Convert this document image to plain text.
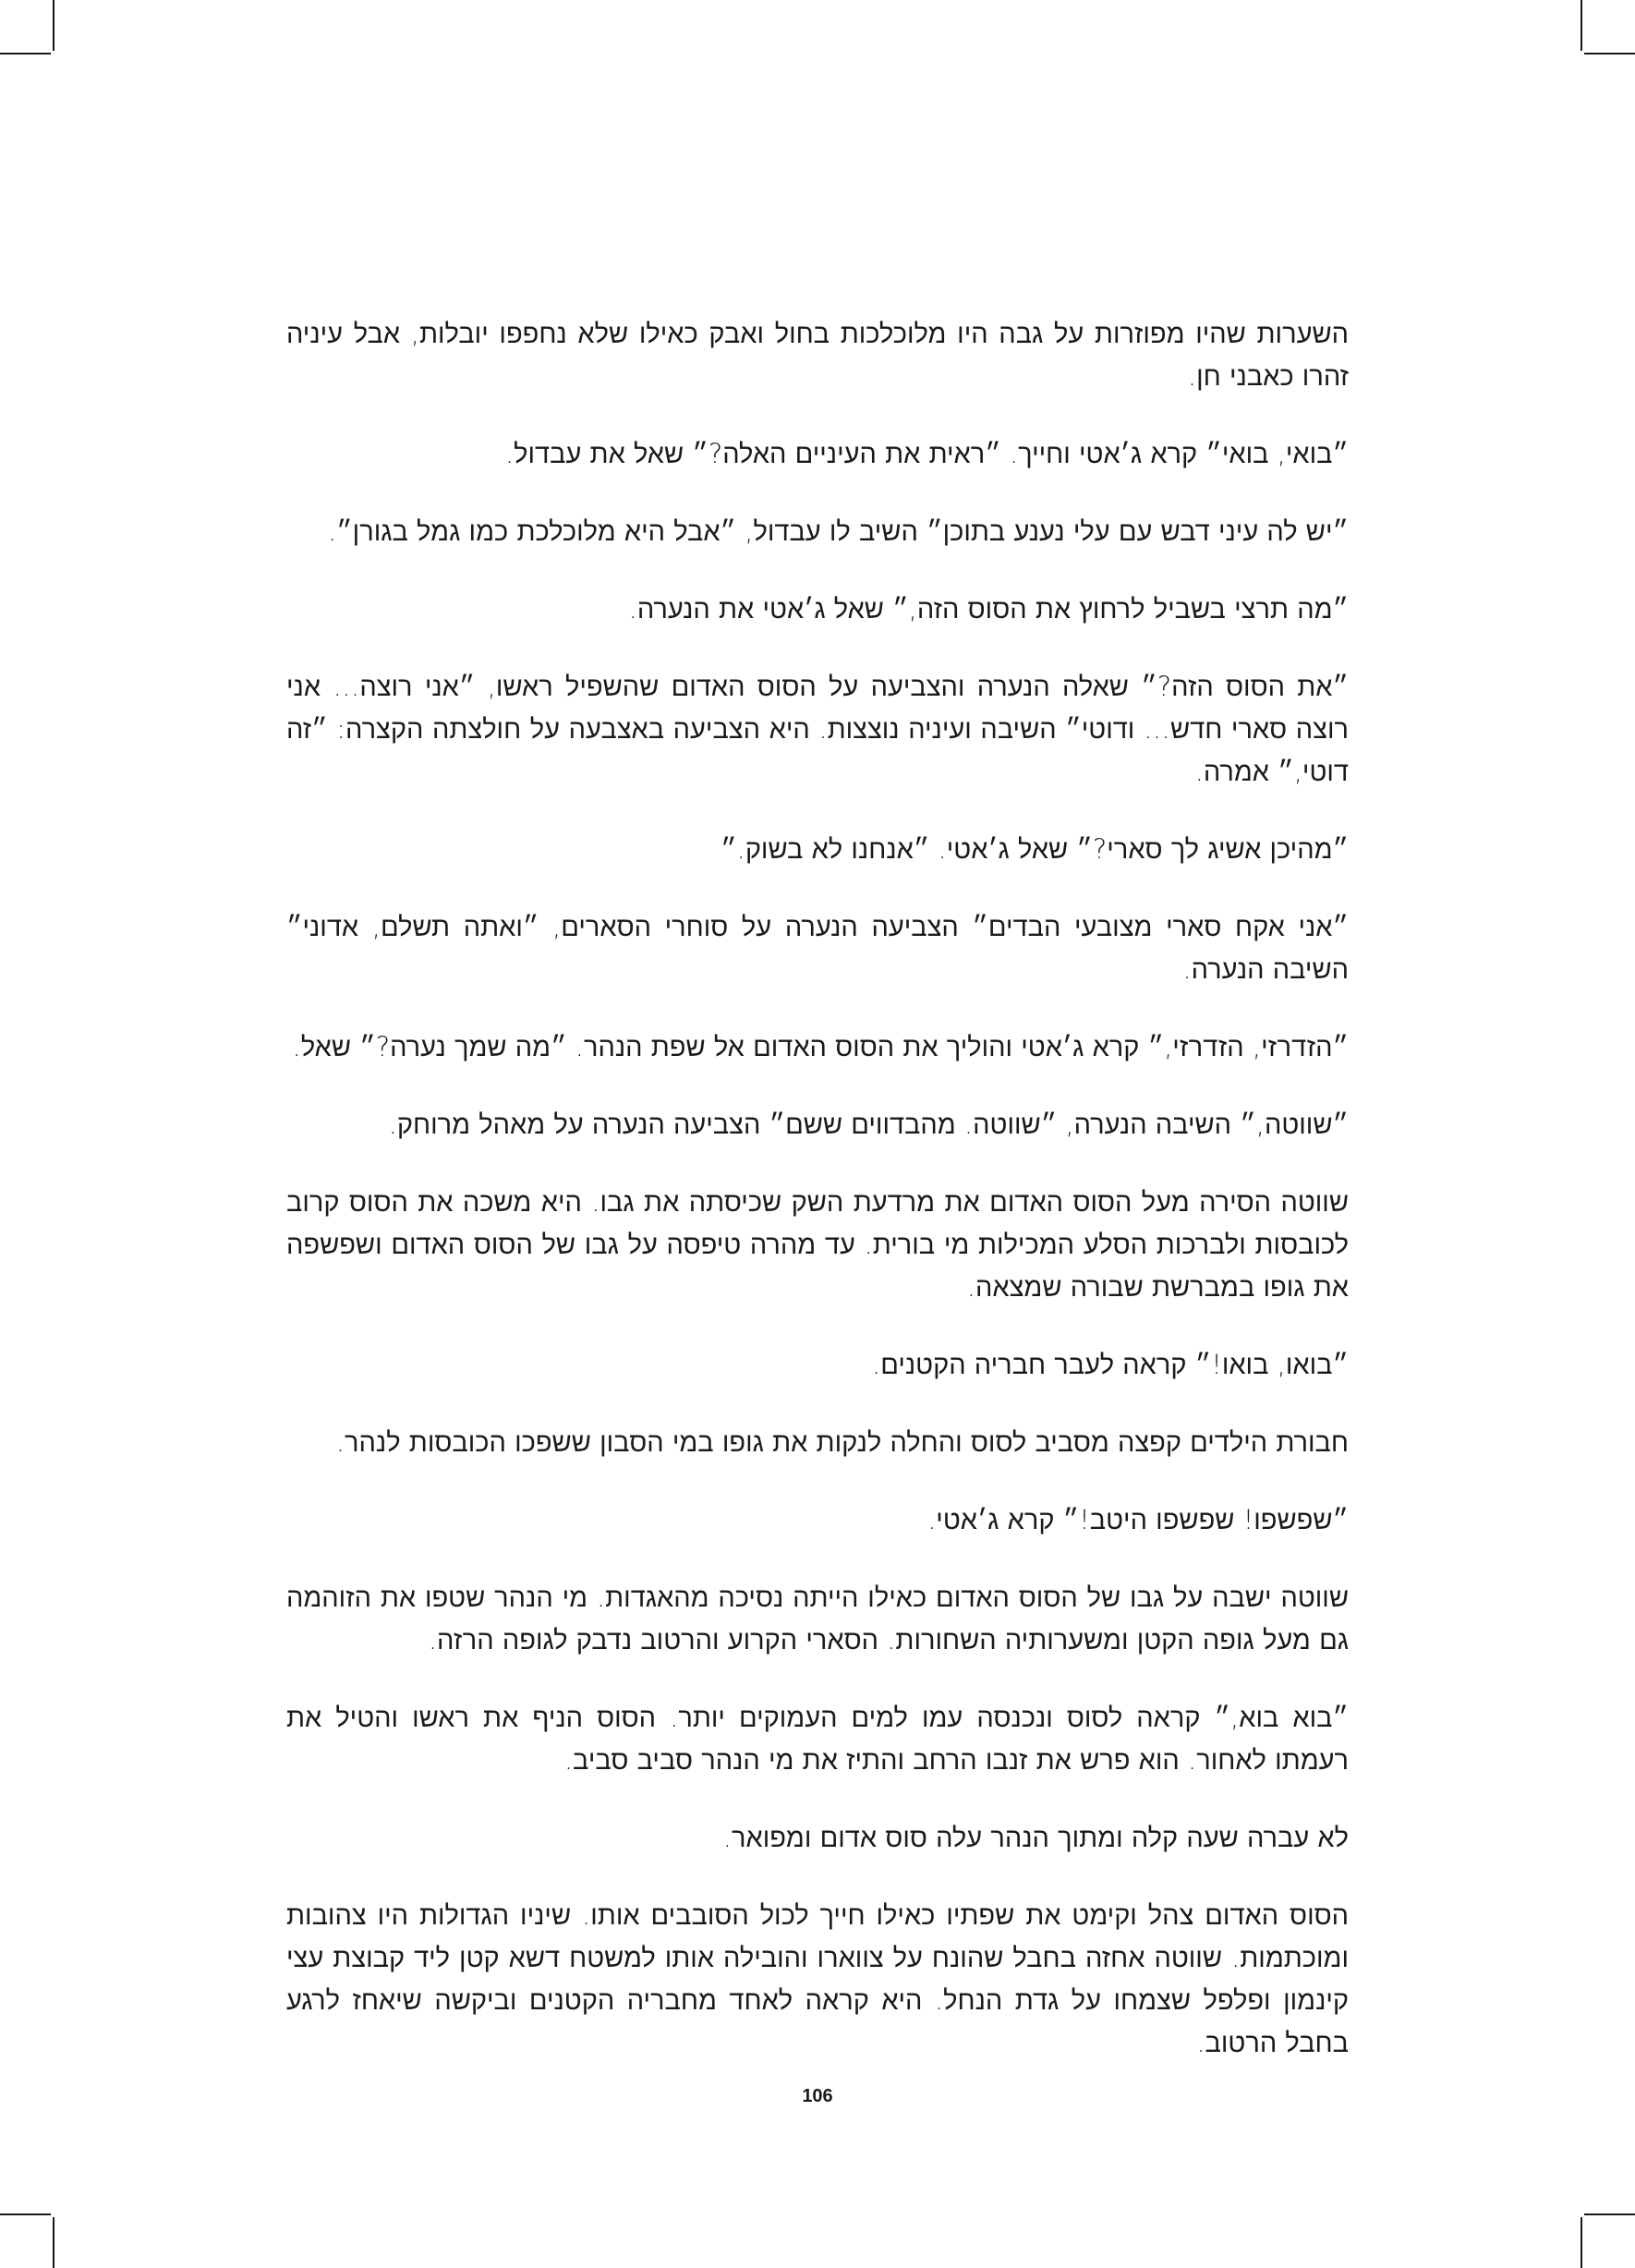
השערות שהיו מפוזרות על גבה היו מלוכלכות בחול ואבק כאילו שלא נחפפו יובלות, אבל עיניה זהרו כאבני חן.

״בואי, בואי״ קרא ג׳אטי וחייך. ״ראית את העיניים האלה?״ שאל את עבדול.

״יש לה עיני דבש עם עלי נענע בתוכן״ השיב לו עבדול, ״אבל היא מלוכלכת כמו גמל בגורן״.

״מה תרצי בשביל לרחוץ את הסוס הזה,״ שאל ג׳אטי את הנערה.

״את הסוס הזה?״ שאלה הנערה והצביעה על הסוס האדום שהשפיל ראשו, ״אני רוצה… אני רוצה סארי חדש… ודוטי״ השיבה ועיניה נוצצות. היא הצביעה באצבעה על חולצתה הקצרה: ״זה דוטי,״ אמרה.

״מהיכן אשיג לך סארי?״ שאל ג׳אטי. ״אנחנו לא בשוק.״

״אני אקח סארי מצובעי הבדים״ הצביעה הנערה על סוחרי הסארים, ״ואתה תשלם, אדוני״ השיבה הנערה.

״הזדרזי, הזדרזי,״ קרא ג׳אטי והוליך את הסוס האדום אל שפת הנהר. ״מה שמך נערה?״ שאל.

״שווטה,״ השיבה הנערה, ״שווטה. מהבדווים ששם״ הצביעה הנערה על מאהל מרוחק.

שווטה הסירה מעל הסוס האדום את מרדעת השק שכיסתה את גבו. היא משכה את הסוס קרוב לכובסות ולברכות הסלע המכילות מי בורית. עד מהרה טיפסה על גבו של הסוס האדום ושפשפה את גופו במברשת שבורה שמצאה.

״בואו, בואו!״ קראה לעבר חבריה הקטנים.

חבורת הילדים קפצה מסביב לסוס והחלה לנקות את גופו במי הסבון ששפכו הכובסות לנהר.

״שפשפו! שפשפו היטב!״ קרא ג׳אטי.

שווטה ישבה על גבו של הסוס האדום כאילו הייתה נסיכה מהאגדות. מי הנהר שטפו את הזוהמה גם מעל גופה הקטן ומשערותיה השחורות. הסארי הקרוע והרטוב נדבק לגופה הרזה.

״בוא בוא,״ קראה לסוס ונכנסה עמו למים העמוקים יותר. הסוס הניף את ראשו והטיל את רעמתו לאחור. הוא פרש את זנבו הרחב והתיז את מי הנהר סביב סביב.

לא עברה שעה קלה ומתוך הנהר עלה סוס אדום ומפואר.

הסוס האדום צהל וקימט את שפתיו כאילו חייך לכול הסובבים אותו. שיניו הגדולות היו צהובות ומוכתמות. שווטה אחזה בחבל שהונח על צווארו והובילה אותו למשטח דשא קטן ליד קבוצת עצי קינמון ופלפל שצמחו על גדת הנחל. היא קראה לאחד מחבריה הקטנים וביקשה שיאחז לרגע בחבל הרטוב.

106
